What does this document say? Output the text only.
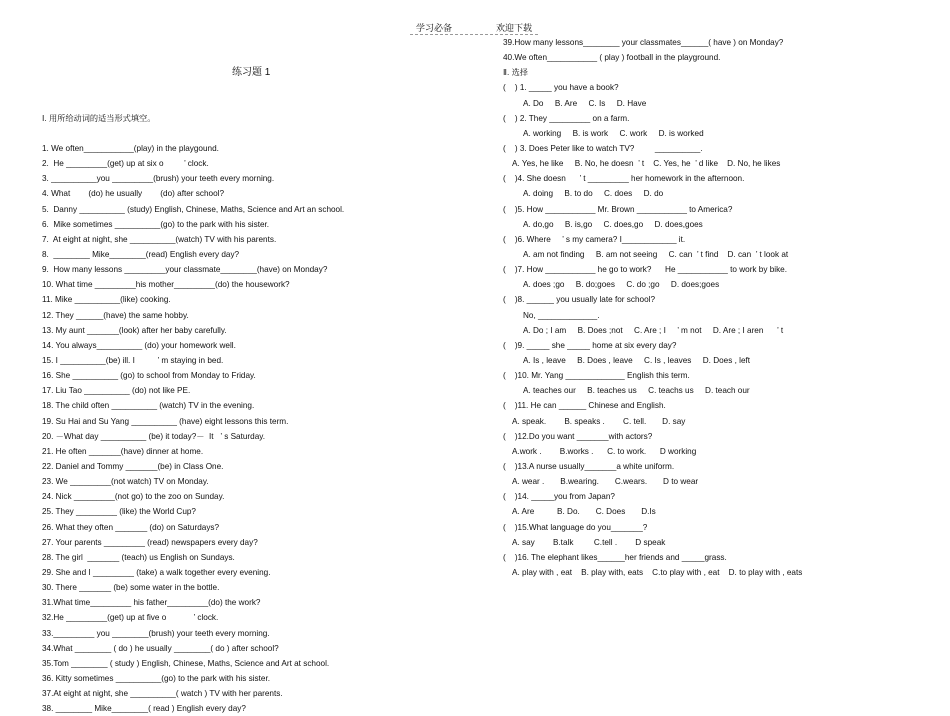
学习必备	欢迎下载

练习题 1

Ⅰ. 用所给动词的适当形式填空。

1. We often___________(play) in the playgound.
2.  He _________(get) up at six o         ’ clock.
3. __________you _________(brush) your teeth every morning.
4. What        (do) he usually        (do) after school?
5.  Danny __________ (study) English, Chinese, Maths, Science and Art an school.
6.  Mike sometimes __________(go) to the park with his sister.
7.  At eight at night, she __________(watch) TV with his parents.
8.  ________ Mike________(read) English every day?
9.  How many lessons _________your classmate________(have) on Monday?
10. What time _________his mother_________(do) the housework?
11. Mike __________(like) cooking.
12. They ______(have) the same hobby.
13. My aunt _______(look) after her baby carefully.
14. You always__________ (do) your homework well.
15. I __________(be) ill. I          ’ m staying in bed.
16. She __________ (go) to school from Monday to Friday.
17. Liu Tao __________ (do) not like PE.
18. The child often __________ (watch) TV in the evening.
19. Su Hai and Su Yang __________ (have) eight lessons this term.
20. －What day __________ (be) it today?－  It   ’ s Saturday.
21. He often _______(have) dinner at home.
22. Daniel and Tommy _______(be) in Class One.
23. We _________(not watch) TV on Monday.
24. Nick _________(not go) to the zoo on Sunday.
25. They _________ (like) the World Cup?
26. What they often _______ (do) on Saturdays?
27. Your parents _________ (read) newspapers every day?
28. The girl  _______ (teach) us English on Sundays.
29. She and I _________ (take) a walk together every evening.
30. There _______ (be) some water in the bottle.
31.What time_________ his father_________(do) the work?
32.He _________(get) up at five o            ’ clock.
33._________ you ________(brush) your teeth every morning.
34.What ________ ( do ) he usually ________( do ) after school?
35.Tom ________ ( study ) English, Chinese, Maths, Science and Art at school.
36. Kitty sometimes __________(go) to the park with his sister.
37.At eight at night, she __________( watch ) TV with her parents.
38. ________ Mike________( read ) English every day?
39.How many lessons________ your classmates______( have ) on Monday?
40.We often___________ ( play ) football in the playground.
Ⅱ. 选择
(    ) 1. _____ you have a book?
A. Do     B. Are     C. Is     D. Have
(    ) 2. They _________ on a farm.
A. working     B. is work     C. work     D. is worked
(    ) 3. Does Peter like to watch TV?         __________.
A. Yes, he like     B. No, he doesn  ’ t    C. Yes, he  ’ d like    D. No, he likes
(    )4. She doesn      ’ t _________ her homework in the afternoon.
A. doing     B. to do     C. does     D. do
(    )5. How ___________ Mr. Brown ___________ to America?
A. do,go     B. is,go     C. does,go     D. does,goes
(    )6. Where     ’ s my camera? I____________ it.
A. am not finding     B. am not seeing     C. can  ’ t find    D. can  ’ t look at
(    )7. How ___________ he go to work?      He ___________ to work by bike.
A. does ;go     B. do;goes     C. do ;go     D. does;goes
(    )8. ______ you usually late for school?
No, _____________.
A. Do ; I am     B. Does ;not     C. Are ; I     ’ m not     D. Are ; I aren      ’ t
(    )9. _____ she _____ home at six every day?
A. Is , leave     B. Does , leave     C. Is , leaves     D. Does , left
(    )10. Mr. Yang _____________ English this term.
A. teaches our     B. teaches us     C. teachs us     D. teach our
(    )11. He can ______ Chinese and English.
A. speak.        B. speaks .        C. tell.       D. say
(    )12.Do you want _______with actors?
A.work .        B.works .      C. to work.      D working
(    )13.A nurse usually_______a white uniform.
A. wear .       B.wearing.       C.wears.       D to wear
(    )14. _____you from Japan?
A. Are          B. Do.       C. Does       D.Is
(    )15.What language do you_______?
A. say        B.talk         C.tell .        D speak
(    )16. The elephant likes______her friends and _____grass.
A. play with , eat    B. play with, eats    C.to play with , eat    D. to play with , eats
